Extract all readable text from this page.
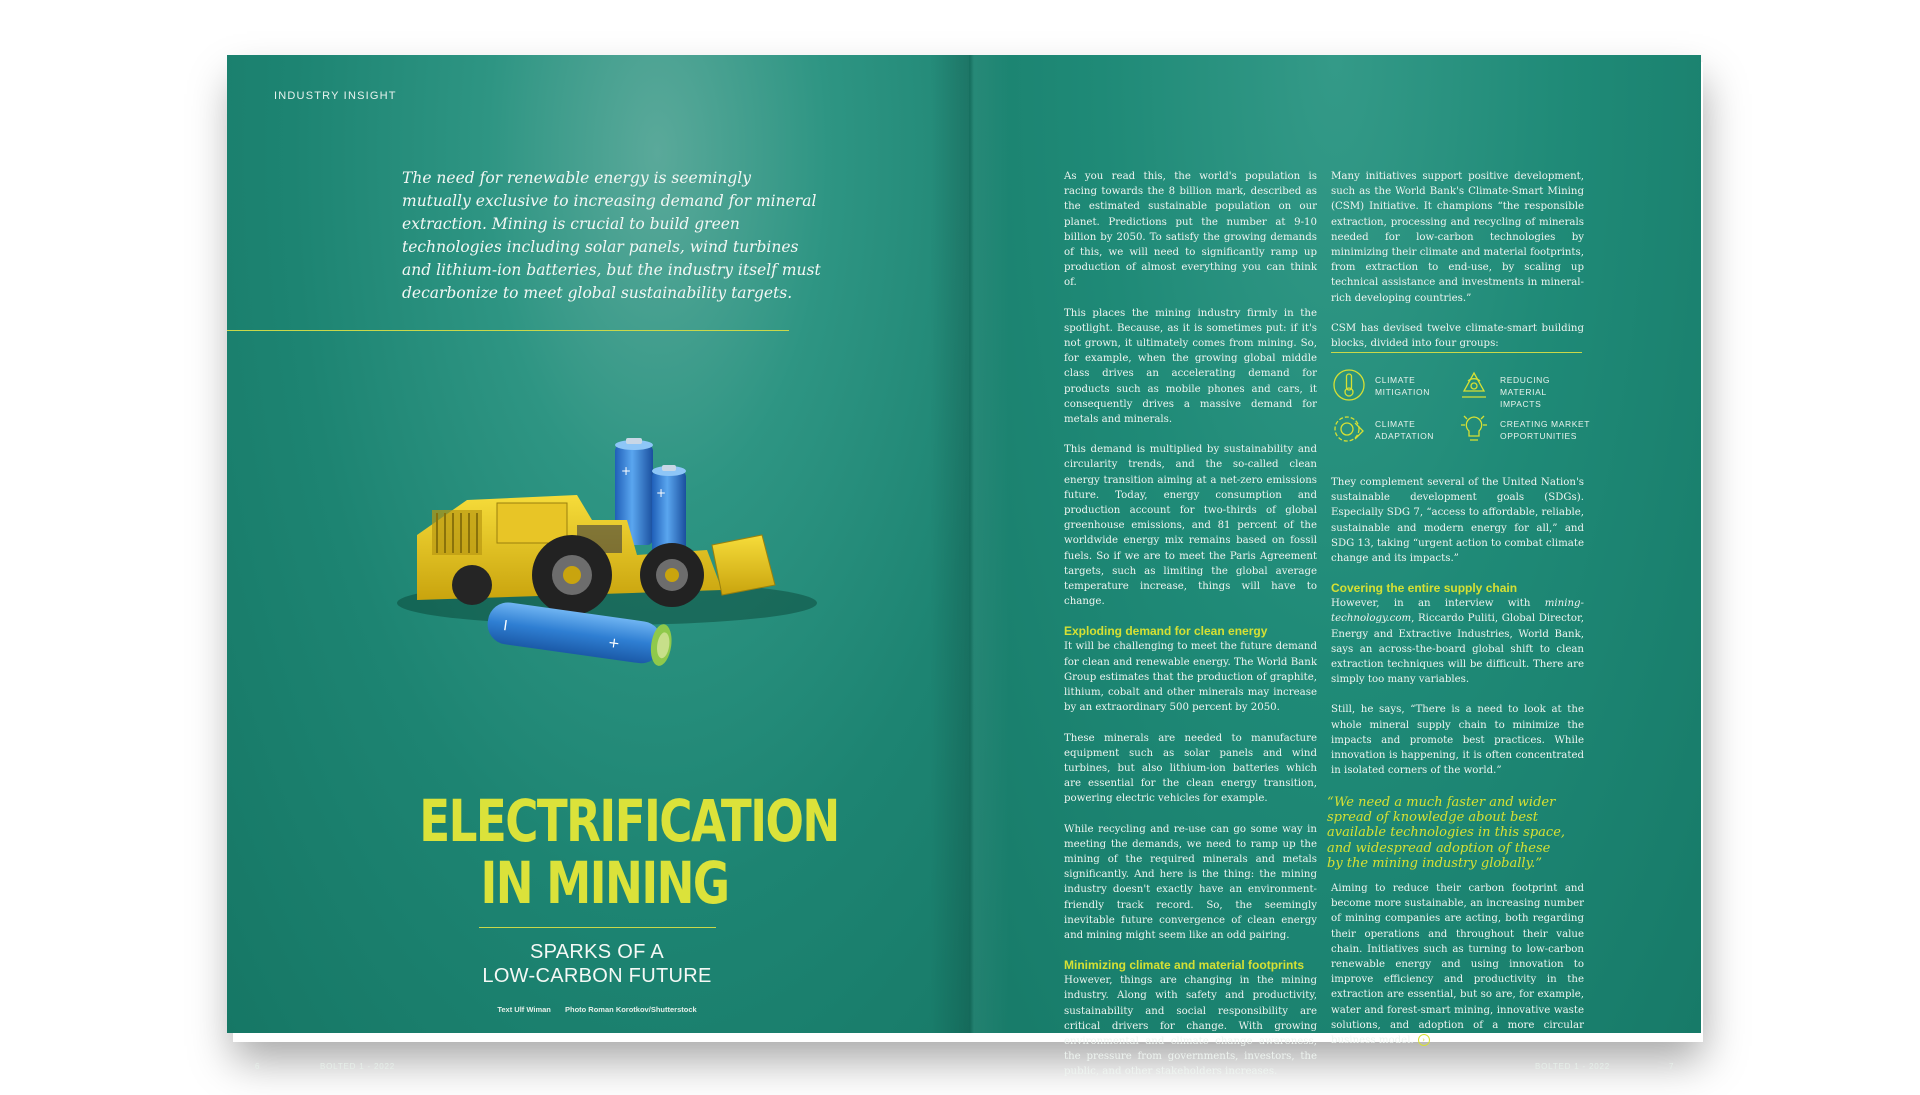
INDUSTRY INSIGHT
The need for renewable energy is seemingly mutually exclusive to increasing demand for mineral extraction. Mining is crucial to build green technologies including solar panels, wind turbines and lithium-ion batteries, but the industry itself must decarbonize to meet global sustainability targets.
+
+
I
+
ELECTRIFICATION
IN MINING
SPARKS OF A
LOW-CARBON FUTURE
Text Ulf Wiman Photo Roman Korotkov/Shutterstock
6	BOLTED 1 - 2022

As you read this, the world's population is racing towards the 8 billion mark, described as the estimated sustainable population on our planet. Predictions put the number at 9-10 billion by 2050. To satisfy the growing demands of this, we will need to significantly ramp up production of almost everything you can think of.

This places the mining industry firmly in the spotlight. Because, as it is sometimes put: if it's not grown, it ultimately comes from mining. So, for example, when the growing global middle class drives an accelerating demand for products such as mobile phones and cars, it consequently drives a massive demand for metals and minerals.

This demand is multiplied by sustainability and circularity trends, and the so-called clean energy transition aiming at a net-zero emissions future. Today, energy consumption and production account for two-thirds of global greenhouse emissions, and 81 percent of the worldwide energy mix remains based on fossil fuels. So if we are to meet the Paris Agreement targets, such as limiting the global average temperature increase, things will have to change.

Exploding demand for clean energy

It will be challenging to meet the future demand for clean and renewable energy. The World Bank Group estimates that the production of graphite, lithium, cobalt and other minerals may increase by an extraordinary 500 percent by 2050.

These minerals are needed to manufacture equipment such as solar panels and wind turbines, but also lithium-ion batteries which are essential for the clean energy transition, powering electric vehicles for example.

While recycling and re-use can go some way in meeting the demands, we need to ramp up the mining of the required minerals and metals significantly. And here is the thing: the mining industry doesn't exactly have an environment-friendly track record. So, the seemingly inevitable future convergence of clean energy and mining might seem like an odd pairing.

Minimizing climate and material footprints

However, things are changing in the mining industry. Along with safety and productivity, sustainability and social responsibility are critical drivers for change. With growing environmental and climate change awareness, the pressure from governments, investors, the public, and other stakeholders increases.

Many initiatives support positive development, such as the World Bank's Climate-Smart Mining (CSM) Initiative. It champions “the responsible extraction, processing and recycling of minerals needed for low-carbon technologies by minimizing their climate and material footprints, from extraction to end-use, by scaling up technical assistance and investments in mineral-rich developing countries.”

CSM has devised twelve climate-smart building blocks, divided into four groups:

CLIMATE MITIGATION
REDUCING MATERIAL IMPACTS
CLIMATE ADAPTATION
CREATING MARKET OPPORTUNITIES

They complement several of the United Nation's sustainable development goals (SDGs). Especially SDG 7, “access to affordable, reliable, sustainable and modern energy for all,” and SDG 13, taking “urgent action to combat climate change and its impacts.”

Covering the entire supply chain

However, in an interview with mining-technology.com, Riccardo Puliti, Global Director, Energy and Extractive Industries, World Bank, says an across-the-board global shift to clean extraction techniques will be difficult. There are simply too many variables.

Still, he says, “There is a need to look at the whole mineral supply chain to minimize the impacts and promote best practices. While innovation is happening, it is often concentrated in isolated corners of the world.”

“We need a much faster and wider
spread of knowledge about best
available technologies in this space,
and widespread adoption of these
by the mining industry globally.”

Aiming to reduce their carbon footprint and become more sustainable, an increasing number of mining companies are acting, both regarding their operations and throughout their value chain. Initiatives such as turning to low-carbon renewable energy and using innovation to improve efficiency and productivity in the extraction are essential, but so are, for example, water and forest-smart mining, innovative waste solutions, and adoption of a more circular business model. ›

BOLTED 1 - 2022	7
